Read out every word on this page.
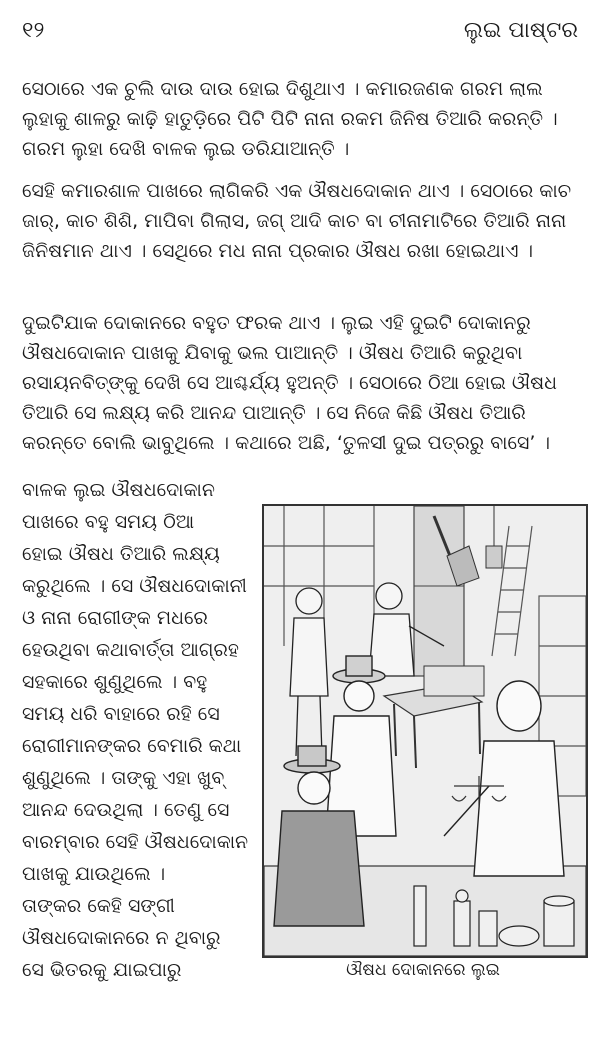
୧୨	ଲୁଇ ପାଷ୍ଟର

ସେଠାରେ ଏକ ଚୁଲି ଦାଉ ଦାଉ ହୋଇ ଦିଶୁଥାଏ । କମାରଜଣକ ଗରମ ଲାଲ ଲୁହାକୁ ଶାଳରୁ କାଢ଼ି ହାତୁଡ଼ିରେ ପିଟି ପିଟି ନାନା ରକମ ଜିନିଷ ତିଆରି କରନ୍ତି । ଗରମ ଲୁହା ଦେଖି ବାଳକ ଲୁଇ ଡରିଯାଆନ୍ତି ।

ସେହି କମାରଶାଳ ପାଖରେ ଲାଗିକରି ଏକ ଔଷଧଦୋକାନ ଥାଏ । ସେଠାରେ କାଚ ଜାର୍‌, କାଚ ଶିଶି, ମାପିବା ଗିଲାସ, ଜଗ୍‌ ଆଦି କାଚ ବା ଚୀନାମାଟିରେ ତିଆରି ନାନା ଜିନିଷମାନ ଥାଏ । ସେଥିରେ ମଧ ନାନା ପ୍ରକାର ଔଷଧ ରଖା ହୋଇଥାଏ ।

ଦୁଇଟିଯାକ ଦୋକାନରେ ବହୁତ ଫରକ ଥାଏ । ଲୁଇ ଏହି ଦୁଇଟି ଦୋକାନରୁ ଔଷଧଦୋକାନ ପାଖକୁ ଯିବାକୁ ଭଲ ପାଆନ୍ତି । ଔଷଧ ତିଆରି କରୁଥିବା ରସାୟନବିତ୍‌ଙ୍କୁ ଦେଖି ସେ ଆଶ୍ଚର୍ଯ୍ୟ ହୁଅନ୍ତି । ସେଠାରେ ଠିଆ ହୋଇ ଔଷଧ ତିଆରି ସେ ଲକ୍ଷ୍ୟ କରି ଆନନ୍ଦ ପାଆନ୍ତି । ସେ ନିଜେ କିଛି ଔଷଧ ତିଆରି କରନ୍ତେ ବୋଲି ଭାବୁଥିଲେ । କଥାରେ ଅଛି, ‘ତୁଳସୀ ଦୁଇ ପତ୍ରରୁ ବାସେ’ ।

ବାଳକ ଲୁଇ ଔଷଧଦୋକାନ
ପାଖରେ ବହୁ ସମୟ ଠିଆ
ହୋଇ ଔଷଧ ତିଆରି ଲକ୍ଷ୍ୟ
କରୁଥିଲେ । ସେ ଔଷଧଦୋକାନୀ
ଓ ନାନା ରୋଗୀଙ୍କ ମଧରେ
ହେଉଥିବା କଥାବାର୍ତ୍ତା ଆଗ୍ରହ
ସହକାରେ ଶୁଣୁଥିଲେ । ବହୁ
ସମୟ ଧରି ବାହାରେ ରହି ସେ
ରୋଗୀମାନଙ୍କର ବେମାରି କଥା
ଶୁଣୁଥିଲେ । ତାଙ୍କୁ ଏହା ଖୁବ୍‌
ଆନନ୍ଦ ଦେଉଥିଲା । ତେଣୁ ସେ
ବାରମ୍ବାର ସେହି ଔଷଧଦୋକାନ
ପାଖକୁ ଯାଉଥିଲେ ।
ତାଙ୍କର କେହି ସଙ୍ଗୀ
ଔଷଧଦୋକାନରେ ନ ଥିବାରୁ
ସେ ଭିତରକୁ ଯାଇପାରୁ	ଔଷଧ ଦୋକାନରେ ଲୁଇ
